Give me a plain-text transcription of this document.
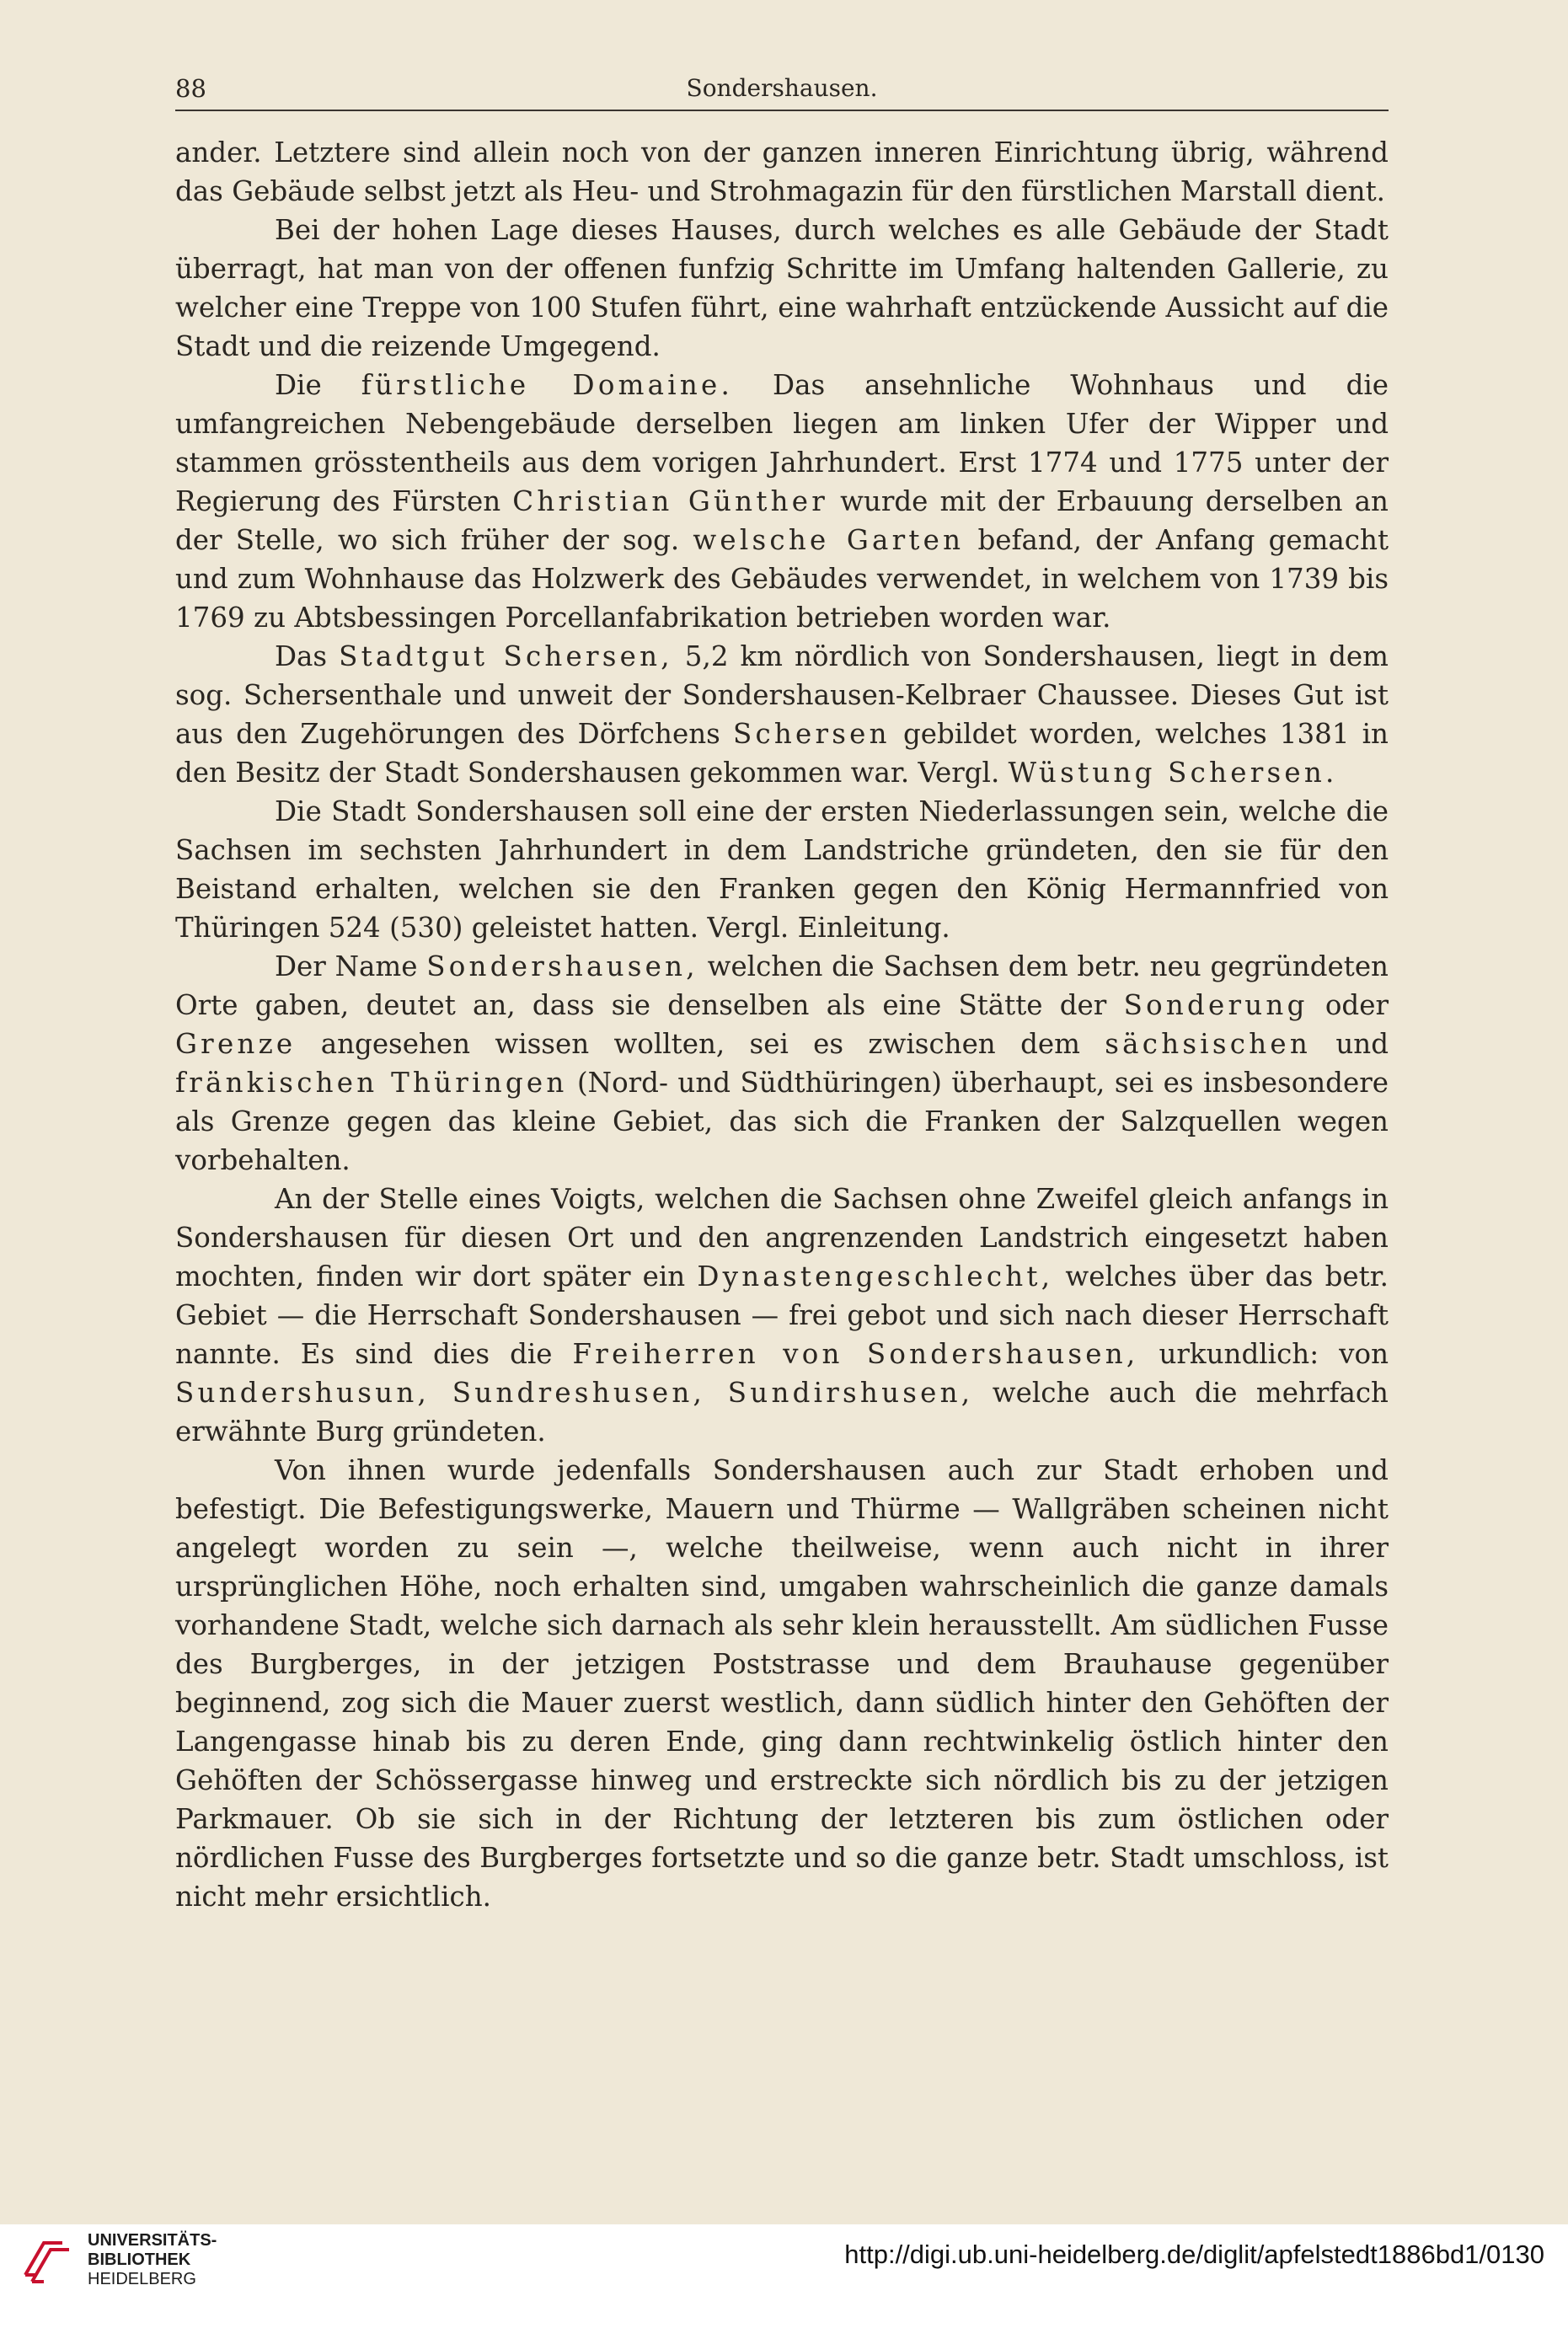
88	Sondershausen.

ander. Letztere sind allein noch von der ganzen inneren Einrichtung übrig, während das Gebäude selbst jetzt als Heu- und Strohmagazin für den fürstlichen Marstall dient.

Bei der hohen Lage dieses Hauses, durch welches es alle Gebäude der Stadt überragt, hat man von der offenen funfzig Schritte im Umfang haltenden Gallerie, zu welcher eine Treppe von 100 Stufen führt, eine wahrhaft entzückende Aussicht auf die Stadt und die reizende Umgegend.

Die fürstliche Domaine. Das ansehnliche Wohnhaus und die umfangreichen Nebengebäude derselben liegen am linken Ufer der Wipper und stammen grösstentheils aus dem vorigen Jahrhundert. Erst 1774 und 1775 unter der Regierung des Fürsten Christian Günther wurde mit der Erbauung derselben an der Stelle, wo sich früher der sog. welsche Garten befand, der Anfang gemacht und zum Wohnhause das Holzwerk des Gebäudes verwendet, in welchem von 1739 bis 1769 zu Abtsbessingen Porcellanfabrikation betrieben worden war.

Das Stadtgut Schersen, 5,2 km nördlich von Sondershausen, liegt in dem sog. Schersenthale und unweit der Sondershausen-Kelbraer Chaussee. Dieses Gut ist aus den Zugehörungen des Dörfchens Schersen gebildet worden, welches 1381 in den Besitz der Stadt Sondershausen gekommen war. Vergl. Wüstung Schersen.

Die Stadt Sondershausen soll eine der ersten Niederlassungen sein, welche die Sachsen im sechsten Jahrhundert in dem Landstriche gründeten, den sie für den Beistand erhalten, welchen sie den Franken gegen den König Hermannfried von Thüringen 524 (530) geleistet hatten. Vergl. Einleitung.

Der Name Sondershausen, welchen die Sachsen dem betr. neu gegründeten Orte gaben, deutet an, dass sie denselben als eine Stätte der Sonderung oder Grenze angesehen wissen wollten, sei es zwischen dem sächsischen und fränkischen Thüringen (Nord- und Südthüringen) überhaupt, sei es insbesondere als Grenze gegen das kleine Gebiet, das sich die Franken der Salzquellen wegen vorbehalten.

An der Stelle eines Voigts, welchen die Sachsen ohne Zweifel gleich anfangs in Sondershausen für diesen Ort und den angrenzenden Landstrich eingesetzt haben mochten, finden wir dort später ein Dynastengeschlecht, welches über das betr. Gebiet — die Herrschaft Sondershausen — frei gebot und sich nach dieser Herrschaft nannte. Es sind dies die Freiherren von Sondershausen, urkundlich: von Sundershusun, Sundreshusen, Sundirshusen, welche auch die mehrfach erwähnte Burg gründeten.

Von ihnen wurde jedenfalls Sondershausen auch zur Stadt erhoben und befestigt. Die Befestigungswerke, Mauern und Thürme — Wallgräben scheinen nicht angelegt worden zu sein —, welche theilweise, wenn auch nicht in ihrer ursprünglichen Höhe, noch erhalten sind, umgaben wahrscheinlich die ganze damals vorhandene Stadt, welche sich darnach als sehr klein herausstellt. Am südlichen Fusse des Burgberges, in der jetzigen Poststrasse und dem Brauhause gegenüber beginnend, zog sich die Mauer zuerst westlich, dann südlich hinter den Gehöften der Langengasse hinab bis zu deren Ende, ging dann rechtwinkelig östlich hinter den Gehöften der Schössergasse hinweg und erstreckte sich nördlich bis zu der jetzigen Parkmauer. Ob sie sich in der Richtung der letzteren bis zum östlichen oder nördlichen Fusse des Burgberges fortsetzte und so die ganze betr. Stadt umschloss, ist nicht mehr ersichtlich.

UNIVERSITÄTS-
BIBLIOTHEK
HEIDELBERG
http://digi.ub.uni-heidelberg.de/diglit/apfelstedt1886bd1/0130
